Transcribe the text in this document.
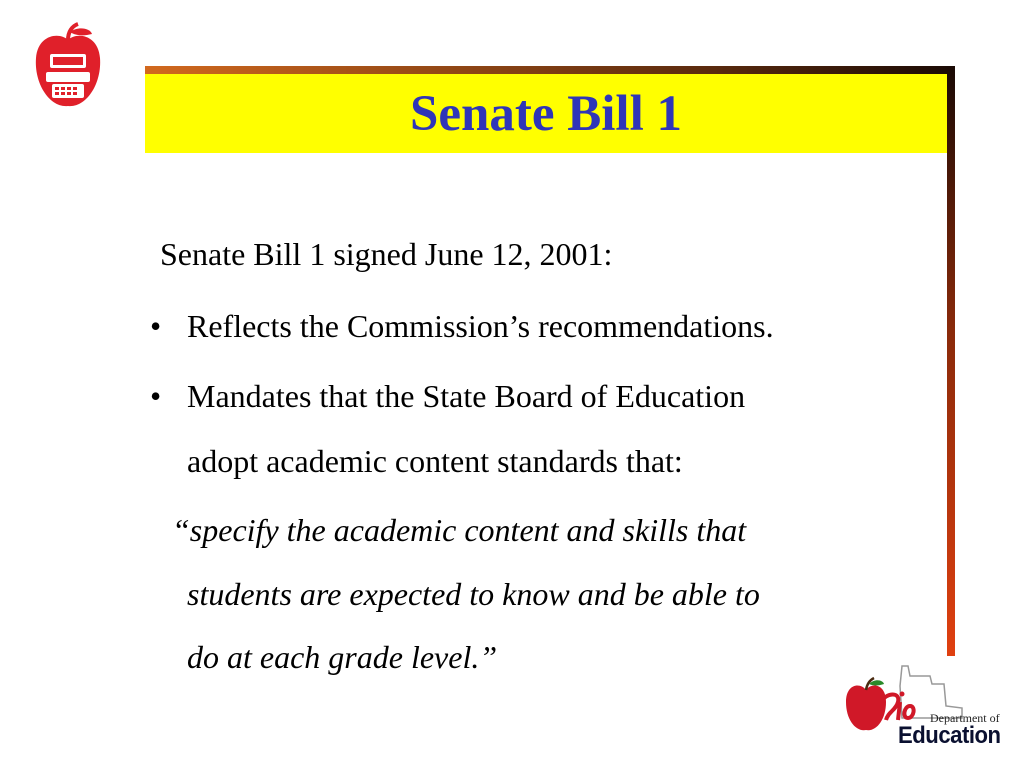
Senate Bill 1
Senate Bill 1 signed June 12, 2001:
• Reflects the Commission’s recommendations.
• Mandates that the State Board of Education
adopt academic content standards that:
“specify the academic content and skills that
students are expected to know and be able to
do at each grade level.”
Department of
Education
